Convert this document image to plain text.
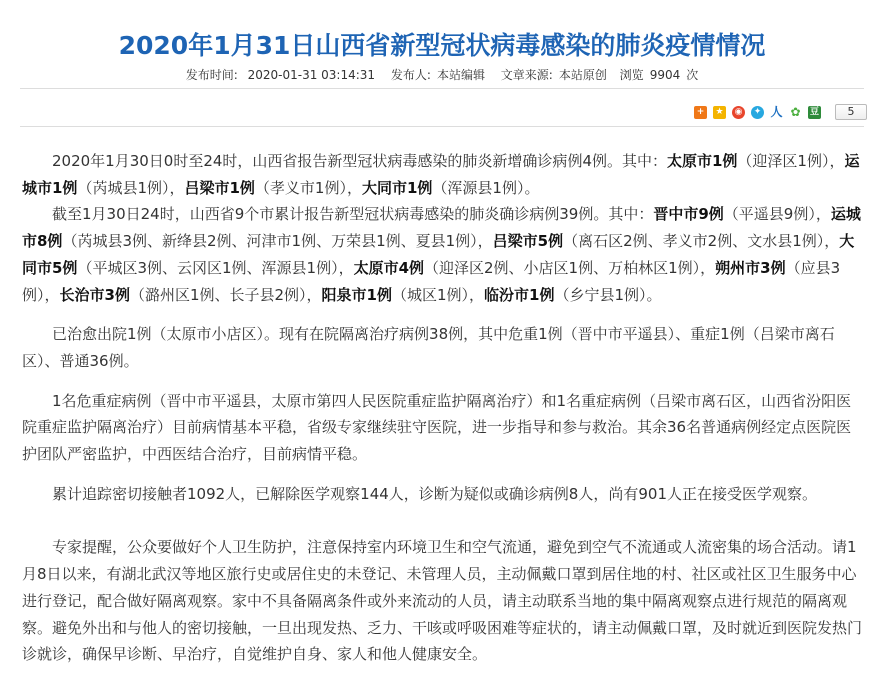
2020年1月31日山西省新型冠状病毒感染的肺炎疫情情况
发布时间: 2020-01-31 03:14:31 发布人: 本站编辑 文章来源: 本站原创 浏览 9904 次
+	★ ◉	✦ 人 ✿ 豆	5

2020年1月30日0时至24时，山西省报告新型冠状病毒感染的肺炎新增确诊病例4例。其中：太原市1例（迎泽区1例），运城市1例（芮城县1例），吕梁市1例（孝义市1例），大同市1例（浑源县1例）。

截至1月30日24时，山西省9个市累计报告新型冠状病毒感染的肺炎确诊病例39例。其中：晋中市9例（平遥县9例），运城市8例（芮城县3例、新绛县2例、河津市1例、万荣县1例、夏县1例），吕梁市5例（离石区2例、孝义市2例、文水县1例），大同市5例（平城区3例、云冈区1例、浑源县1例），太原市4例（迎泽区2例、小店区1例、万柏林区1例），朔州市3例（应县3例），长治市3例（潞州区1例、长子县2例），阳泉市1例（城区1例），临汾市1例（乡宁县1例）。

已治愈出院1例（太原市小店区）。现有在院隔离治疗病例38例，其中危重1例（晋中市平遥县）、重症1例（吕梁市离石区）、普通36例。

1名危重症病例（晋中市平遥县，太原市第四人民医院重症监护隔离治疗）和1名重症病例（吕梁市离石区，山西省汾阳医院重症监护隔离治疗）目前病情基本平稳，省级专家继续驻守医院，进一步指导和参与救治。其余36名普通病例经定点医院医护团队严密监护，中西医结合治疗，目前病情平稳。

累计追踪密切接触者1092人，已解除医学观察144人，诊断为疑似或确诊病例8人，尚有901人正在接受医学观察。

专家提醒，公众要做好个人卫生防护，注意保持室内环境卫生和空气流通，避免到空气不流通或人流密集的场合活动。请1月8日以来，有湖北武汉等地区旅行史或居住史的未登记、未管理人员，主动佩戴口罩到居住地的村、社区或社区卫生服务中心进行登记，配合做好隔离观察。家中不具备隔离条件或外来流动的人员，请主动联系当地的集中隔离观察点进行规范的隔离观察。避免外出和与他人的密切接触，一旦出现发热、乏力、干咳或呼吸困难等症状的，请主动佩戴口罩，及时就近到医院发热门诊就诊，确保早诊断、早治疗，自觉维护自身、家人和他人健康安全。
